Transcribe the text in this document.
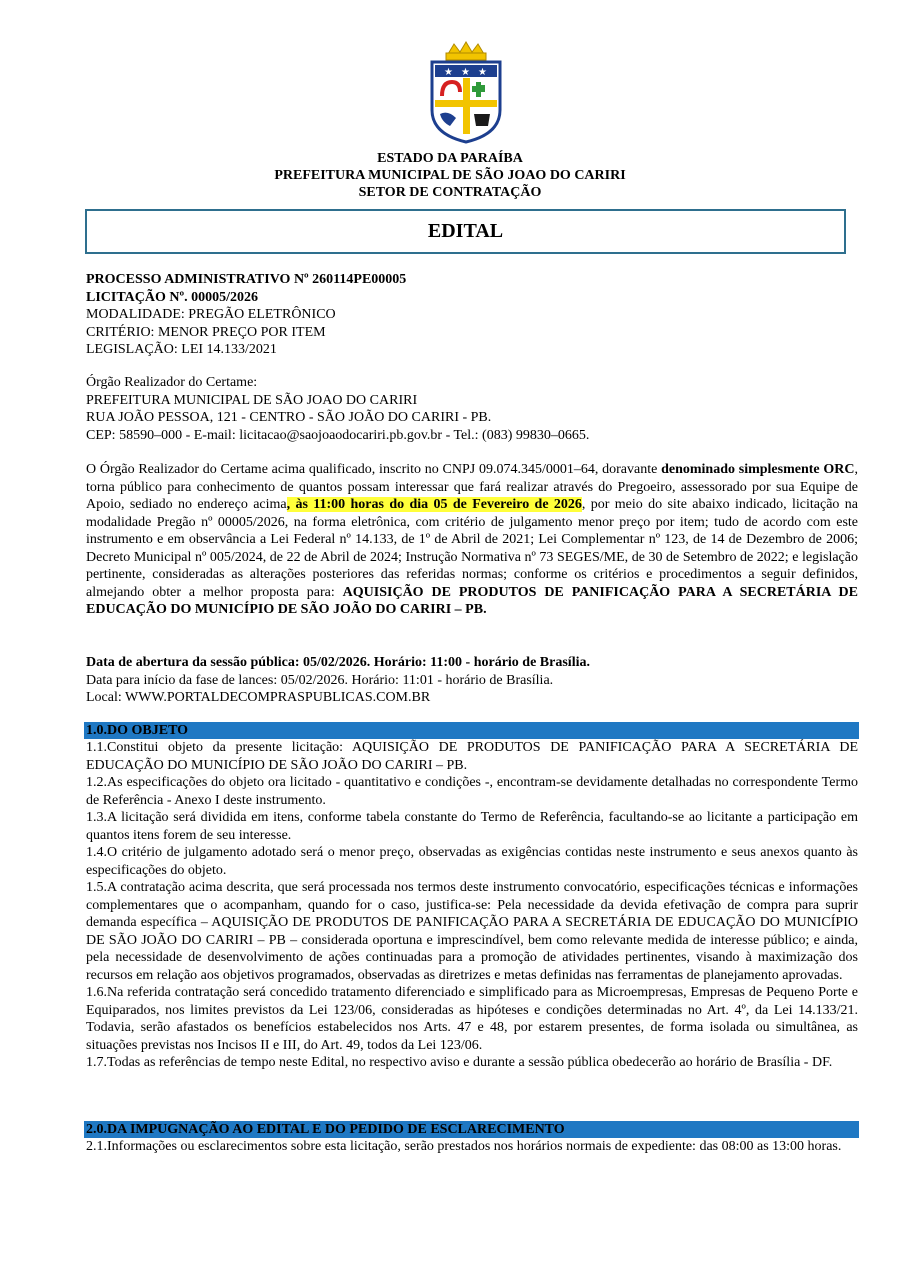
★ ★ ★
ESTADO DA PARAÍBA
PREFEITURA MUNICIPAL DE SÃO JOAO DO CARIRI
SETOR DE CONTRATAÇÃO
EDITAL

PROCESSO ADMINISTRATIVO Nº 260114PE00005

LICITAÇÃO Nº. 00005/2026

MODALIDADE: PREGÃO ELETRÔNICO

CRITÉRIO: MENOR PREÇO POR ITEM

LEGISLAÇÃO: LEI 14.133/2021

Órgão Realizador do Certame:

PREFEITURA MUNICIPAL DE SÃO JOAO DO CARIRI

RUA JOÃO PESSOA, 121 - CENTRO - SÃO JOÃO DO CARIRI - PB.

CEP: 58590–000 - E-mail: licitacao@saojoaodocariri.pb.gov.br - Tel.: (083) 99830–0665.

O Órgão Realizador do Certame acima qualificado, inscrito no CNPJ 09.074.345/0001–64, doravante denominado simplesmente ORC, torna público para conhecimento de quantos possam interessar que fará realizar através do Pregoeiro, assessorado por sua Equipe de Apoio, sediado no endereço acima, às 11:00 horas do dia 05 de Fevereiro de 2026, por meio do site abaixo indicado, licitação na modalidade Pregão nº 00005/2026, na forma eletrônica, com critério de julgamento menor preço por item; tudo de acordo com este instrumento e em observância a Lei Federal nº 14.133, de 1º de Abril de 2021; Lei Complementar nº 123, de 14 de Dezembro de 2006; Decreto Municipal nº 005/2024, de 22 de Abril de 2024; Instrução Normativa nº 73 SEGES/ME, de 30 de Setembro de 2022; e legislação pertinente, consideradas as alterações posteriores das referidas normas; conforme os critérios e procedimentos a seguir definidos, almejando obter a melhor proposta para: AQUISIÇÃO DE PRODUTOS DE PANIFICAÇÃO PARA A SECRETÁRIA DE EDUCAÇÃO DO MUNICÍPIO DE SÃO JOÃO DO CARIRI – PB.

Data de abertura da sessão pública: 05/02/2026. Horário: 11:00 - horário de Brasília.

Data para início da fase de lances: 05/02/2026. Horário: 11:01 - horário de Brasília.

Local: WWW.PORTALDECOMPRASPUBLICAS.COM.BR

1.0.DO OBJETO

1.1.Constitui objeto da presente licitação: AQUISIÇÃO DE PRODUTOS DE PANIFICAÇÃO PARA A SECRETÁRIA DE EDUCAÇÃO DO MUNICÍPIO DE SÃO JOÃO DO CARIRI – PB.

1.2.As especificações do objeto ora licitado - quantitativo e condições -, encontram-se devidamente detalhadas no correspondente Termo de Referência - Anexo I deste instrumento.

1.3.A licitação será dividida em itens, conforme tabela constante do Termo de Referência, facultando-se ao licitante a participação em quantos itens forem de seu interesse.

1.4.O critério de julgamento adotado será o menor preço, observadas as exigências contidas neste instrumento e seus anexos quanto às especificações do objeto.

1.5.A contratação acima descrita, que será processada nos termos deste instrumento convocatório, especificações técnicas e informações complementares que o acompanham, quando for o caso, justifica-se: Pela necessidade da devida efetivação de compra para suprir demanda específica – AQUISIÇÃO DE PRODUTOS DE PANIFICAÇÃO PARA A SECRETÁRIA DE EDUCAÇÃO DO MUNICÍPIO DE SÃO JOÃO DO CARIRI – PB – considerada oportuna e imprescindível, bem como relevante medida de interesse público; e ainda, pela necessidade de desenvolvimento de ações continuadas para a promoção de atividades pertinentes, visando à maximização dos recursos em relação aos objetivos programados, observadas as diretrizes e metas definidas nas ferramentas de planejamento aprovadas.

1.6.Na referida contratação será concedido tratamento diferenciado e simplificado para as Microempresas, Empresas de Pequeno Porte e Equiparados, nos limites previstos da Lei 123/06, consideradas as hipóteses e condições determinadas no Art. 4º, da Lei 14.133/21. Todavia, serão afastados os benefícios estabelecidos nos Arts. 47 e 48, por estarem presentes, de forma isolada ou simultânea, as situações previstas nos Incisos II e III, do Art. 49, todos da Lei 123/06.

1.7.Todas as referências de tempo neste Edital, no respectivo aviso e durante a sessão pública obedecerão ao horário de Brasília - DF.

2.0.DA IMPUGNAÇÃO AO EDITAL E DO PEDIDO DE ESCLARECIMENTO

2.1.Informações ou esclarecimentos sobre esta licitação, serão prestados nos horários normais de expediente: das 08:00 as 13:00 horas.
